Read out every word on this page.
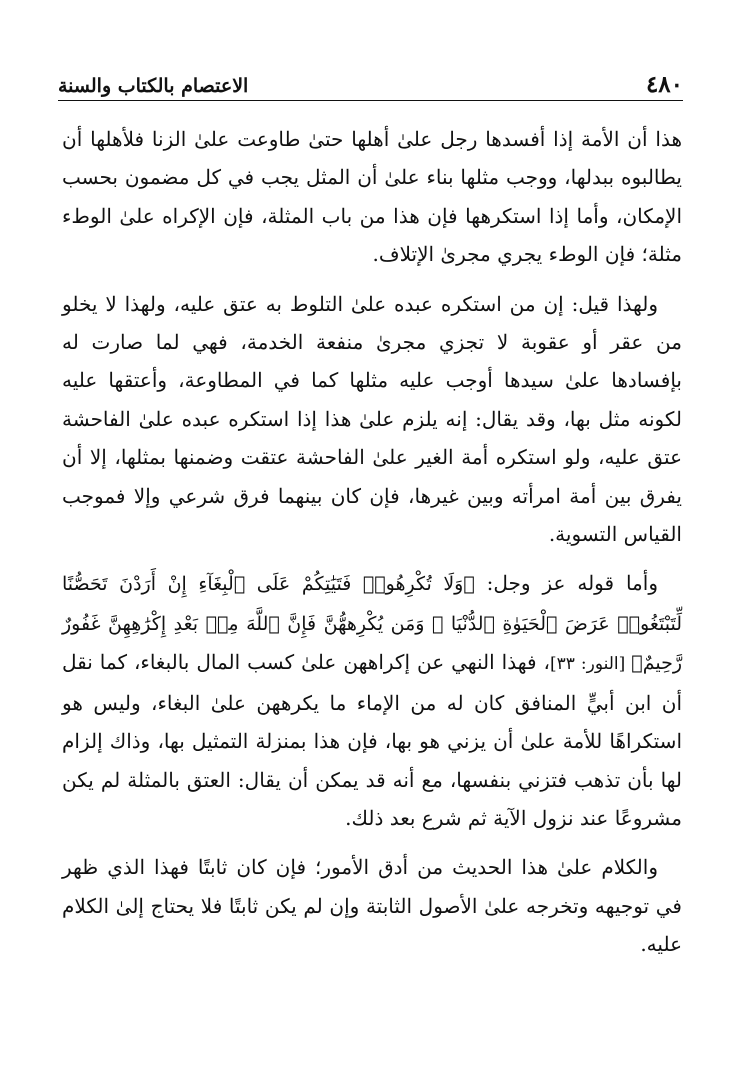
٤٨٠
الاعتصام بالكتاب والسنة

هذا أن الأمة إذا أفسدها رجل علىٰ أهلها حتىٰ طاوعت علىٰ الزنا فلأهلها أن يطالبوه ببدلها، ووجب مثلها بناء علىٰ أن المثل يجب في كل مضمون بحسب الإمكان، وأما إذا استكرهها فإن هذا من باب المثلة، فإن الإكراه علىٰ الوطء مثلة؛ فإن الوطء يجري مجرىٰ الإتلاف.

ولهذا قيل: إن من استكره عبده علىٰ التلوط به عتق عليه، ولهذا لا يخلو من عقر أو عقوبة لا تجزي مجرىٰ منفعة الخدمة، فهي لما صارت له بإفسادها علىٰ سيدها أوجب عليه مثلها كما في المطاوعة، وأعتقها عليه لكونه مثل بها، وقد يقال: إنه يلزم علىٰ هذا إذا استكره عبده علىٰ الفاحشة عتق عليه، ولو استكره أمة الغير علىٰ الفاحشة عتقت وضمنها بمثلها، إلا أن يفرق بين أمة امرأته وبين غيرها، فإن كان بينهما فرق شرعي وإلا فموجب القياس التسوية.

وأما قوله عز وجل: ﴿وَلَا تُكْرِهُوا۟ فَتَيَٰتِكُمْ عَلَى ٱلْبِغَآءِ إِنْ أَرَدْنَ تَحَصُّنًا لِّتَبْتَغُوا۟ عَرَضَ ٱلْحَيَوٰةِ ٱلدُّنْيَا ۚ وَمَن يُكْرِههُّنَّ فَإِنَّ ٱللَّهَ مِنۢ بَعْدِ إِكْرَٰهِهِنَّ غَفُورٌ رَّحِيمٌ﴾ [النور: ٣٣]، فهذا النهي عن إكراههن علىٰ كسب المال بالبغاء، كما نقل أن ابن أبيٍّ المنافق كان له من الإماء ما يكرههن علىٰ البغاء، وليس هو استكراهًا للأمة علىٰ أن يزني هو بها، فإن هذا بمنزلة التمثيل بها، وذاك إلزام لها بأن تذهب فتزني بنفسها، مع أنه قد يمكن أن يقال: العتق بالمثلة لم يكن مشروعًا عند نزول الآية ثم شرع بعد ذلك.

والكلام علىٰ هذا الحديث من أدق الأمور؛ فإن كان ثابتًا فهذا الذي ظهر في توجيهه وتخرجه علىٰ الأصول الثابتة وإن لم يكن ثابتًا فلا يحتاج إلىٰ الكلام عليه.
